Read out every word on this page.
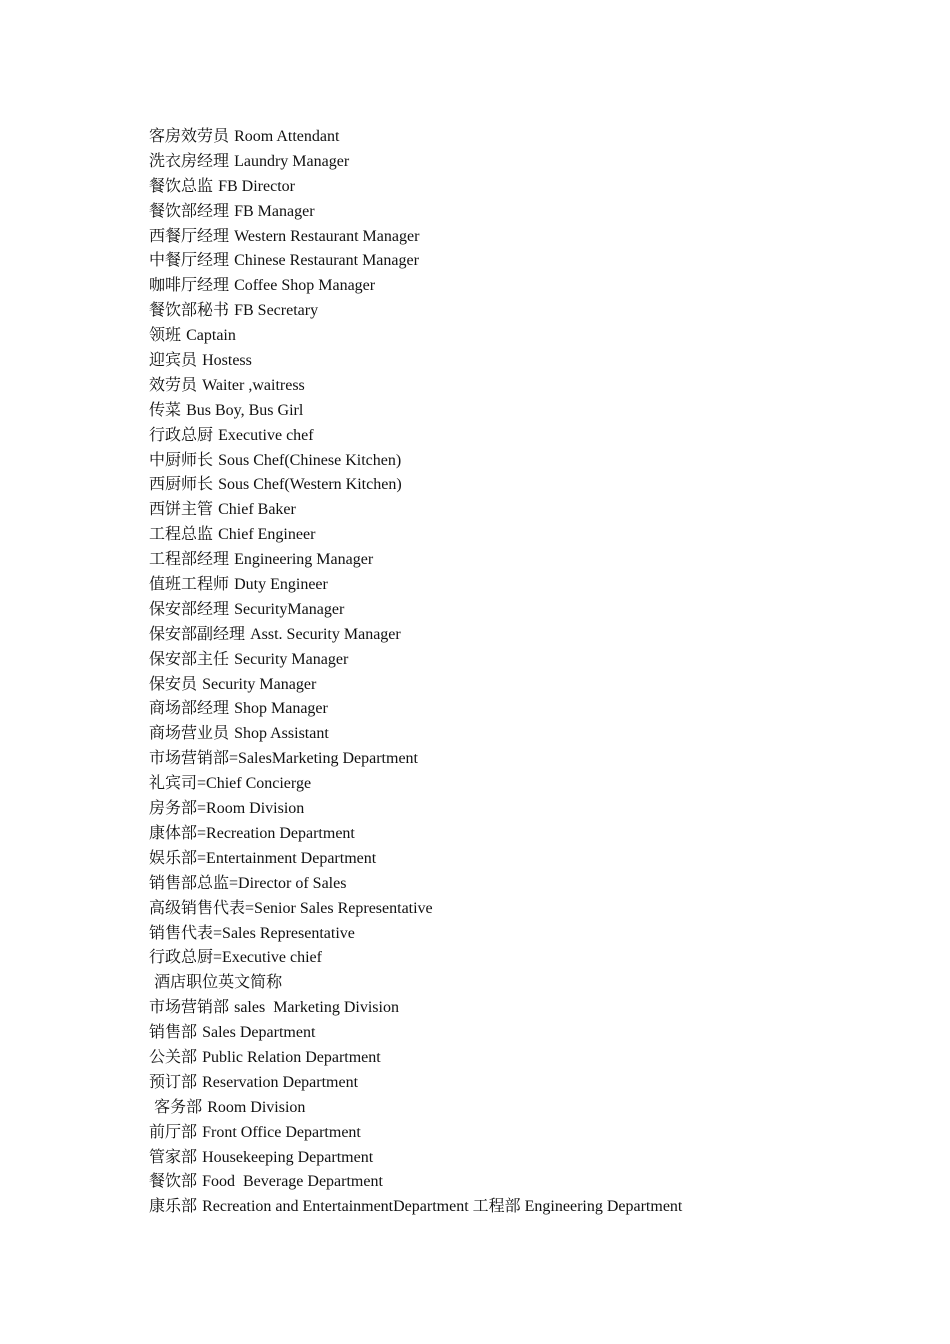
客房效劳员 Room Attendant
洗衣房经理 Laundry Manager
餐饮总监 FB Director
餐饮部经理 FB Manager
西餐厅经理 Western Restaurant Manager
中餐厅经理 Chinese Restaurant Manager
咖啡厅经理 Coffee Shop Manager
餐饮部秘书 FB Secretary
领班 Captain
迎宾员 Hostess
效劳员 Waiter ,waitress
传菜 Bus Boy, Bus Girl
行政总厨 Executive chef
中厨师长 Sous Chef(Chinese Kitchen)
西厨师长 Sous Chef(Western Kitchen)
西饼主管 Chief Baker
工程总监 Chief Engineer
工程部经理 Engineering Manager
值班工程师 Duty Engineer
保安部经理 SecurityManager
保安部副经理 Asst. Security Manager
保安部主任 Security Manager
保安员 Security Manager
商场部经理 Shop Manager
商场营业员 Shop Assistant
市场营销部=SalesMarketing Department
礼宾司=Chief Concierge
房务部=Room Division
康体部=Recreation Department
娱乐部=Entertainment Department
销售部总监=Director of Sales
高级销售代表=Senior Sales Representative
销售代表=Sales Representative
行政总厨=Executive chief
酒店职位英文简称
市场营销部 sales  Marketing Division
销售部 Sales Department
公关部 Public Relation Department
预订部 Reservation Department
客务部 Room Division
前厅部 Front Office Department
管家部 Housekeeping Department
餐饮部 Food  Beverage Department
康乐部 Recreation and EntertainmentDepartment 工程部 Engineering Department
